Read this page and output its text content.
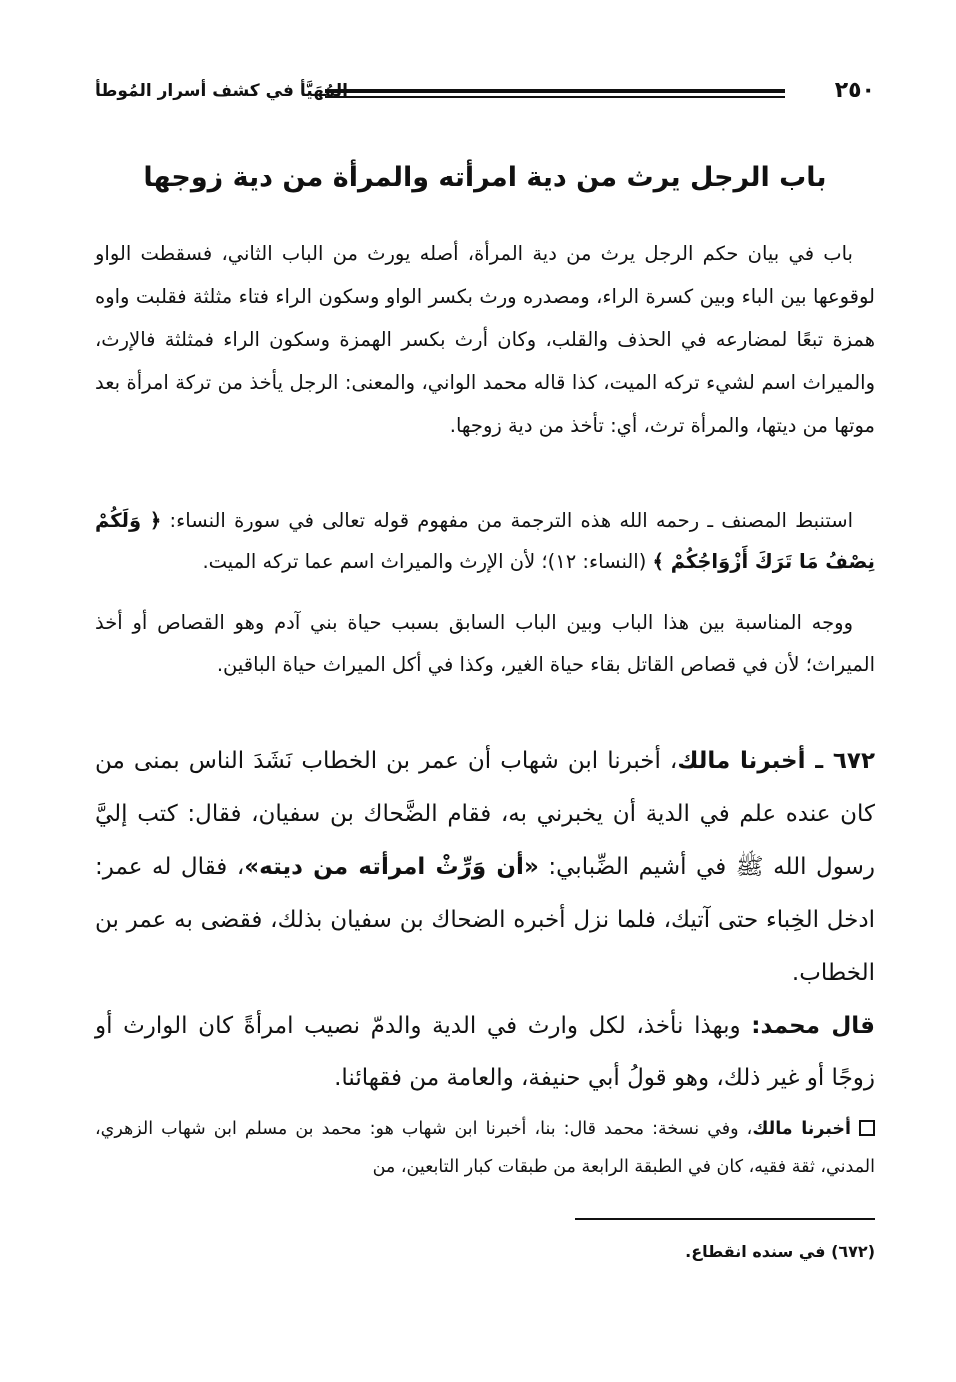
٢٥٠
المُهَيَّأ في كشف أسرار المُوطأ
باب الرجل يرث من دية امرأته والمرأة من دية زوجها

باب في بيان حكم الرجل يرث من دية المرأة، أصله يورث من الباب الثاني، فسقطت الواو لوقوعها بين الباء وبين كسرة الراء، ومصدره ورث بكسر الواو وسكون الراء فتاء مثلثة فقلبت واوه همزة تبعًا لمضارعه في الحذف والقلب، وكان أرث بكسر الهمزة وسكون الراء فمثلثة فالإرث، والميراث اسم لشيء تركه الميت، كذا قاله محمد الواني، والمعنى: الرجل يأخذ من تركة امرأة بعد موتها من ديتها، والمرأة ترث، أي: تأخذ من دية زوجها.

استنبط المصنف ـ رحمه الله هذه الترجمة من مفهوم قوله تعالى في سورة النساء: ﴿ وَلَكُمْ نِصْفُ مَا تَرَكَ أَزْوَاجُكُمْ ﴾ (النساء: ١٢)؛ لأن الإرث والميراث اسم عما تركه الميت.

ووجه المناسبة بين هذا الباب وبين الباب السابق بسبب حياة بني آدم وهو القصاص أو أخذ الميراث؛ لأن في قصاص القاتل بقاء حياة الغير، وكذا في أكل الميراث حياة الباقين.

٦٧٢ ـ أخبرنا مالك، أخبرنا ابن شهاب أن عمر بن الخطاب نَشَدَ الناس بمنى من كان عنده علم في الدية أن يخبرني به، فقام الضَّحاك بن سفيان، فقال: كتب إليَّ رسول الله ﷺ في أشيم الضِّبابي: «أن وَرِّثْ امرأته من ديته»، فقال له عمر: ادخل الخِباء حتى آتيك، فلما نزل أخبره الضحاك بن سفيان بذلك، فقضى به عمر بن الخطاب.

قال محمد: وبهذا نأخذ، لكل وارث في الدية والدمّ نصيب امرأةً كان الوارث أو زوجًا أو غير ذلك، وهو قولُ أبي حنيفة، والعامة من فقهائنا.

أخبرنا مالك، وفي نسخة: محمد قال: بنا، أخبرنا ابن شهاب هو: محمد بن مسلم ابن شهاب الزهري، المدني، ثقة فقيه، كان في الطبقة الرابعة من طبقات كبار التابعين، من

(٦٧٢) في سنده انقطاع.
